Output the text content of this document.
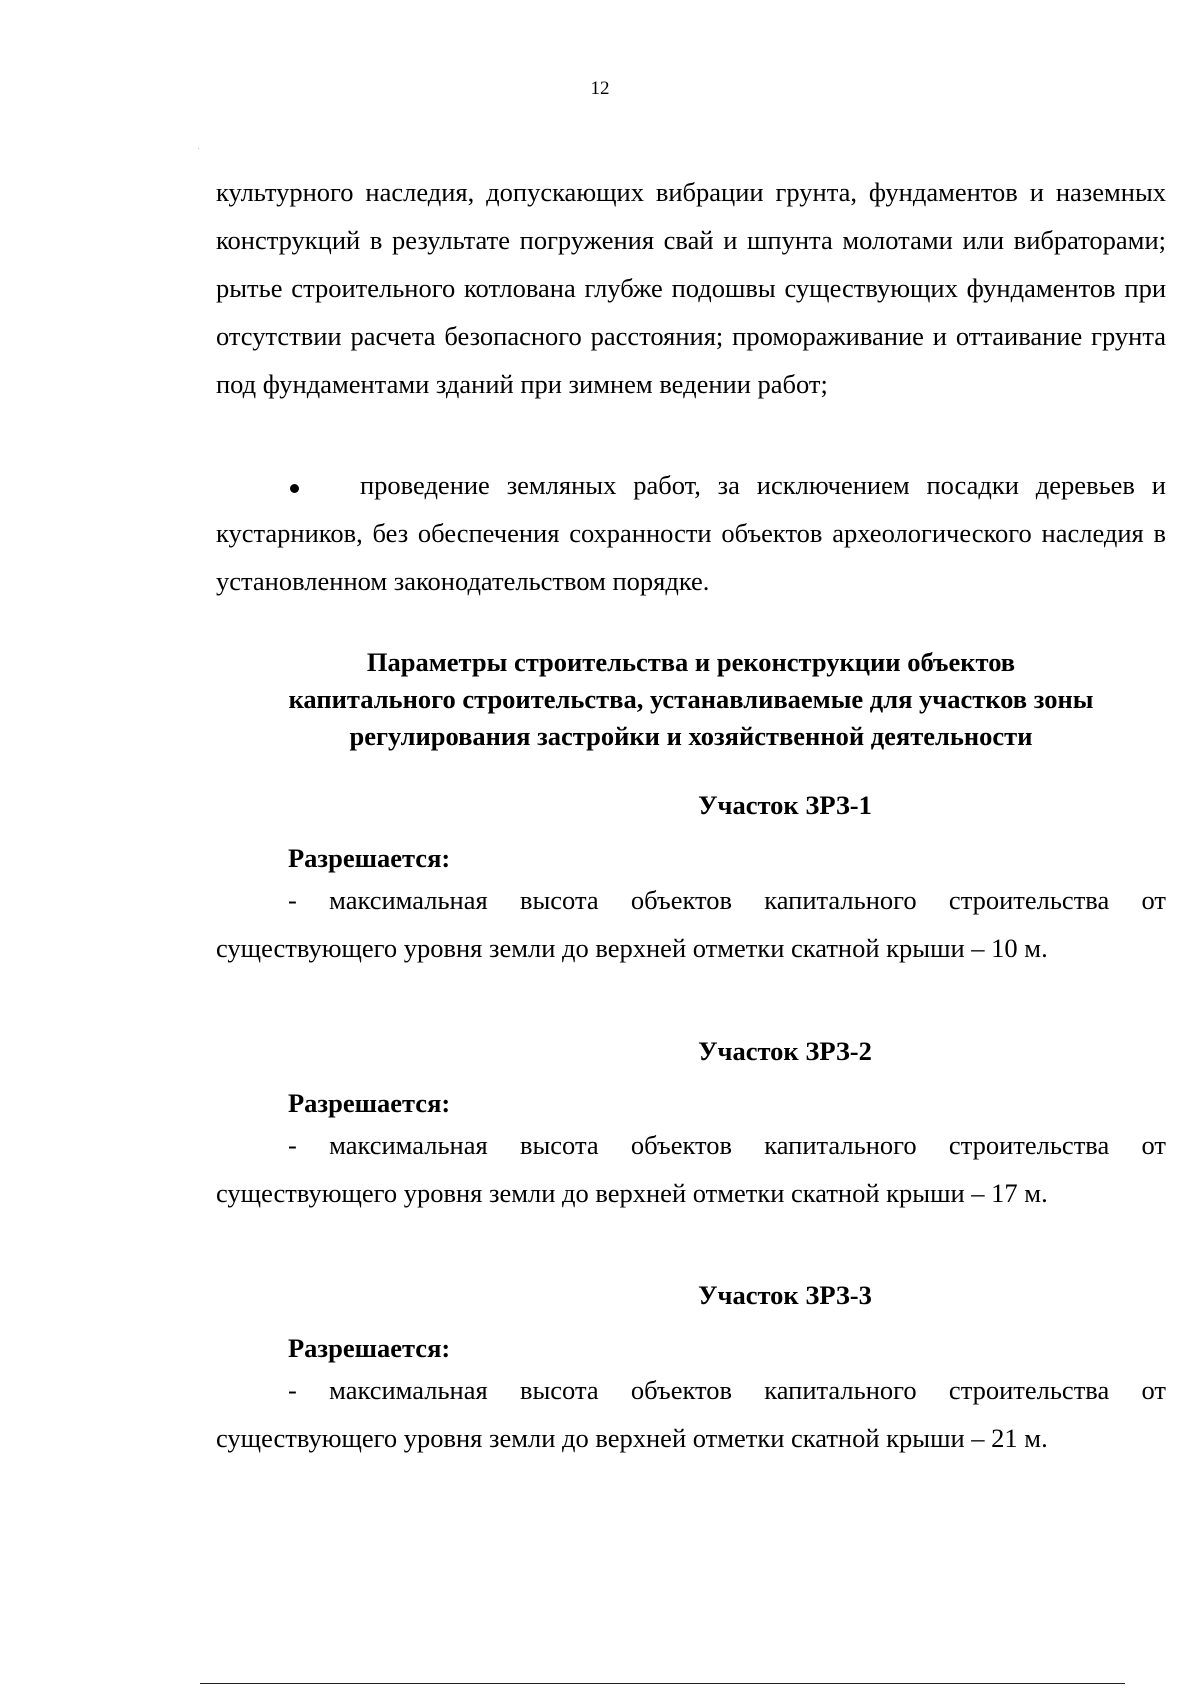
12
культурного наследия, допускающих вибрации грунта, фундаментов и наземных конструкций в результате погружения свай и шпунта молотами или вибраторами; рытье строительного котлована глубже подошвы существующих фундаментов при отсутствии расчета безопасного расстояния; промораживание и оттаивание грунта под фундаментами зданий при зимнем ведении работ;
проведение земляных работ, за исключением посадки деревьев и кустарников, без обеспечения сохранности объектов археологического наследия в установленном законодательством порядке.
Параметры строительства и реконструкции объектов
капитального строительства, устанавливаемые для участков зоны
регулирования застройки и хозяйственной деятельности
Участок ЗРЗ-1
Разрешается:
- максимальная высота объектов капитального строительства от существующего уровня земли до верхней отметки скатной крыши – 10 м.
Участок ЗРЗ-2
Разрешается:
- максимальная высота объектов капитального строительства от существующего уровня земли до верхней отметки скатной крыши – 17 м.
Участок ЗРЗ-3
Разрешается:
- максимальная высота объектов капитального строительства от существующего уровня земли до верхней отметки скатной крыши – 21 м.
